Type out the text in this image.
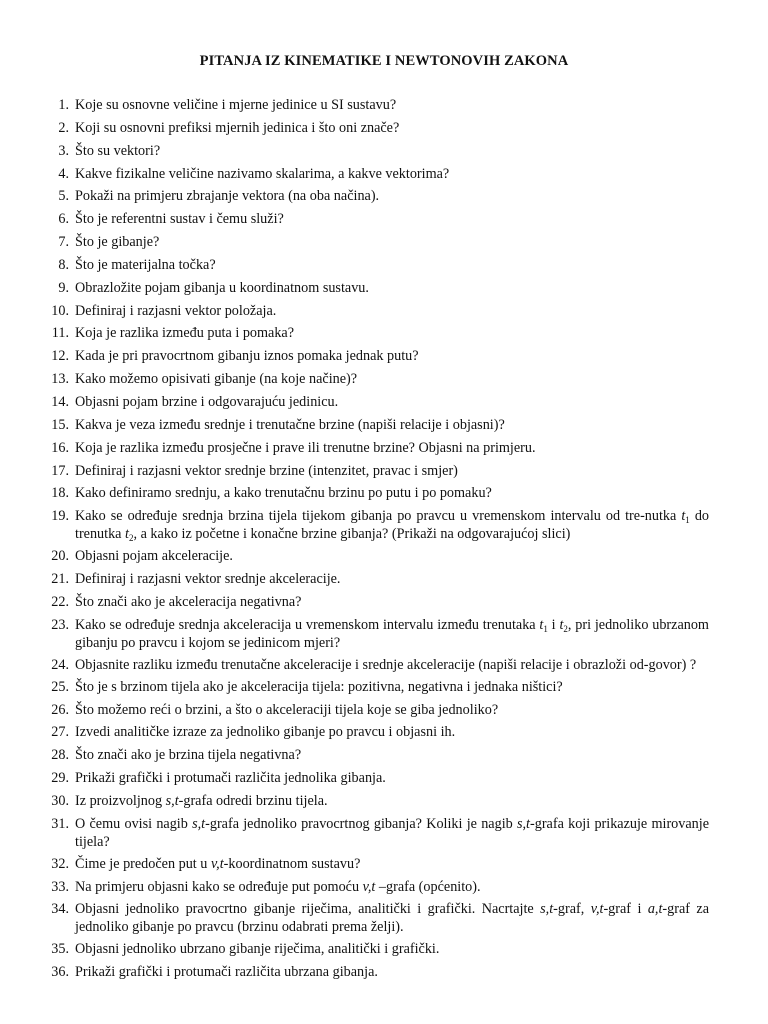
PITANJA IZ KINEMATIKE I NEWTONOVIH ZAKONA
1. Koje su osnovne veličine i mjerne jedinice u SI sustavu?
2. Koji su osnovni prefiksi mjernih jedinica i što oni znače?
3. Što su vektori?
4. Kakve fizikalne veličine nazivamo skalarima, a kakve vektorima?
5. Pokaži na primjeru zbrajanje vektora (na oba načina).
6. Što je referentni sustav i čemu služi?
7. Što je gibanje?
8. Što je materijalna točka?
9. Obrazložite pojam gibanja u koordinatnom sustavu.
10. Definiraj i razjasni vektor položaja.
11. Koja je razlika između puta i pomaka?
12. Kada je pri pravocrtnom gibanju iznos pomaka jednak putu?
13. Kako možemo opisivati gibanje (na koje načine)?
14. Objasni pojam brzine i odgovarajuću jedinicu.
15. Kakva je veza između srednje i trenutačne brzine (napiši relacije i objasni)?
16. Koja je razlika između prosječne i prave ili trenutne brzine? Objasni na primjeru.
17. Definiraj i razjasni vektor srednje brzine (intenzitet, pravac i smjer)
18. Kako definiramo srednju, a kako trenutačnu brzinu po putu i po pomaku?
19. Kako se određuje srednja brzina tijela tijekom gibanja po pravcu u vremenskom intervalu od tre-nutka $t_1$ do trenutka $t_2$, a kako iz početne i konačne brzine gibanja? (Prikaži na odgovarajućoj slici)
20. Objasni pojam akceleracije.
21. Definiraj i razjasni vektor srednje akceleracije.
22. Što znači ako je akceleracija negativna?
23. Kako se određuje srednja akceleracija u vremenskom intervalu između trenutaka $t_1$ i $t_2$, pri jednoliko ubrzanom gibanju po pravcu i kojom se jedinicom mjeri?
24. Objasnite razliku između trenutačne akceleracije i srednje akceleracije (napiši relacije i obrazloži od-govor) ?
25. Što je s brzinom tijela ako je akceleracija tijela: pozitivna, negativna i jednaka ništici?
26. Što možemo reći o brzini, a što o akceleraciji tijela koje se giba jednoliko?
27. Izvedi analitičke izraze za jednoliko gibanje po pravcu i objasni ih.
28. Što znači ako je brzina tijela negativna?
29. Prikaži grafički i protumači različita jednolika gibanja.
30. Iz proizvoljnog s,t-grafa odredi brzinu tijela.
31. O čemu ovisi nagib s,t-grafa jednoliko pravocrtnog gibanja? Koliki je nagib s,t-grafa koji prikazuje mirovanje tijela?
32. Čime je predočen put u v,t-koordinatnom sustavu?
33. Na primjeru objasni kako se određuje put pomoću v,t –grafa (općenito).
34. Objasni jednoliko pravocrtno gibanje riječima, analitički i grafički. Nacrtajte s,t-graf, v,t-graf i a,t-graf za jednoliko gibanje po pravcu (brzinu odabrati prema želji).
35. Objasni jednoliko ubrzano gibanje riječima, analitički i grafički.
36. Prikaži grafički i protumači različita ubrzana gibanja.
